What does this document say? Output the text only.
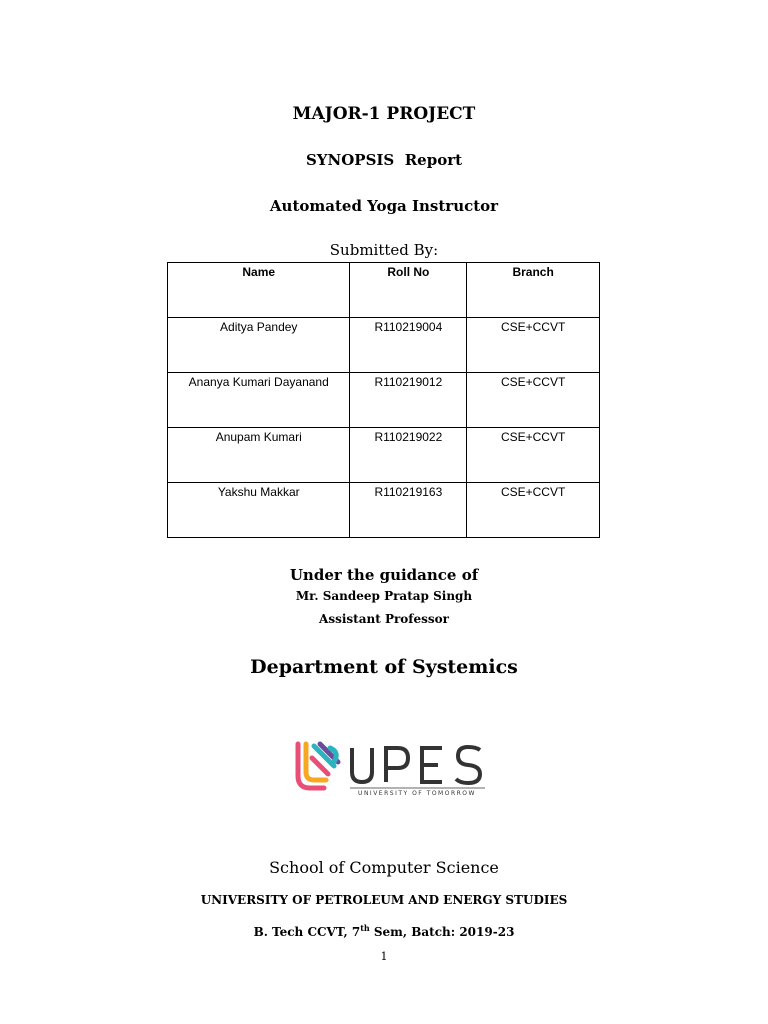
MAJOR-1 PROJECT
SYNOPSIS  Report
Automated Yoga Instructor
Submitted By:
Name	Roll No	Branch
Aditya Pandey	R110219004	CSE+CCVT
Ananya Kumari Dayanand	R110219012	CSE+CCVT
Anupam Kumari	R110219022	CSE+CCVT
Yakshu Makkar	R110219163	CSE+CCVT
Under the guidance of
Mr. Sandeep Pratap Singh
Assistant Professor
Department of Systemics
UNIVERSITY OF TOMORROW
School of Computer Science
UNIVERSITY OF PETROLEUM AND ENERGY STUDIES
B. Tech CCVT, 7th Sem, Batch: 2019-23
1
